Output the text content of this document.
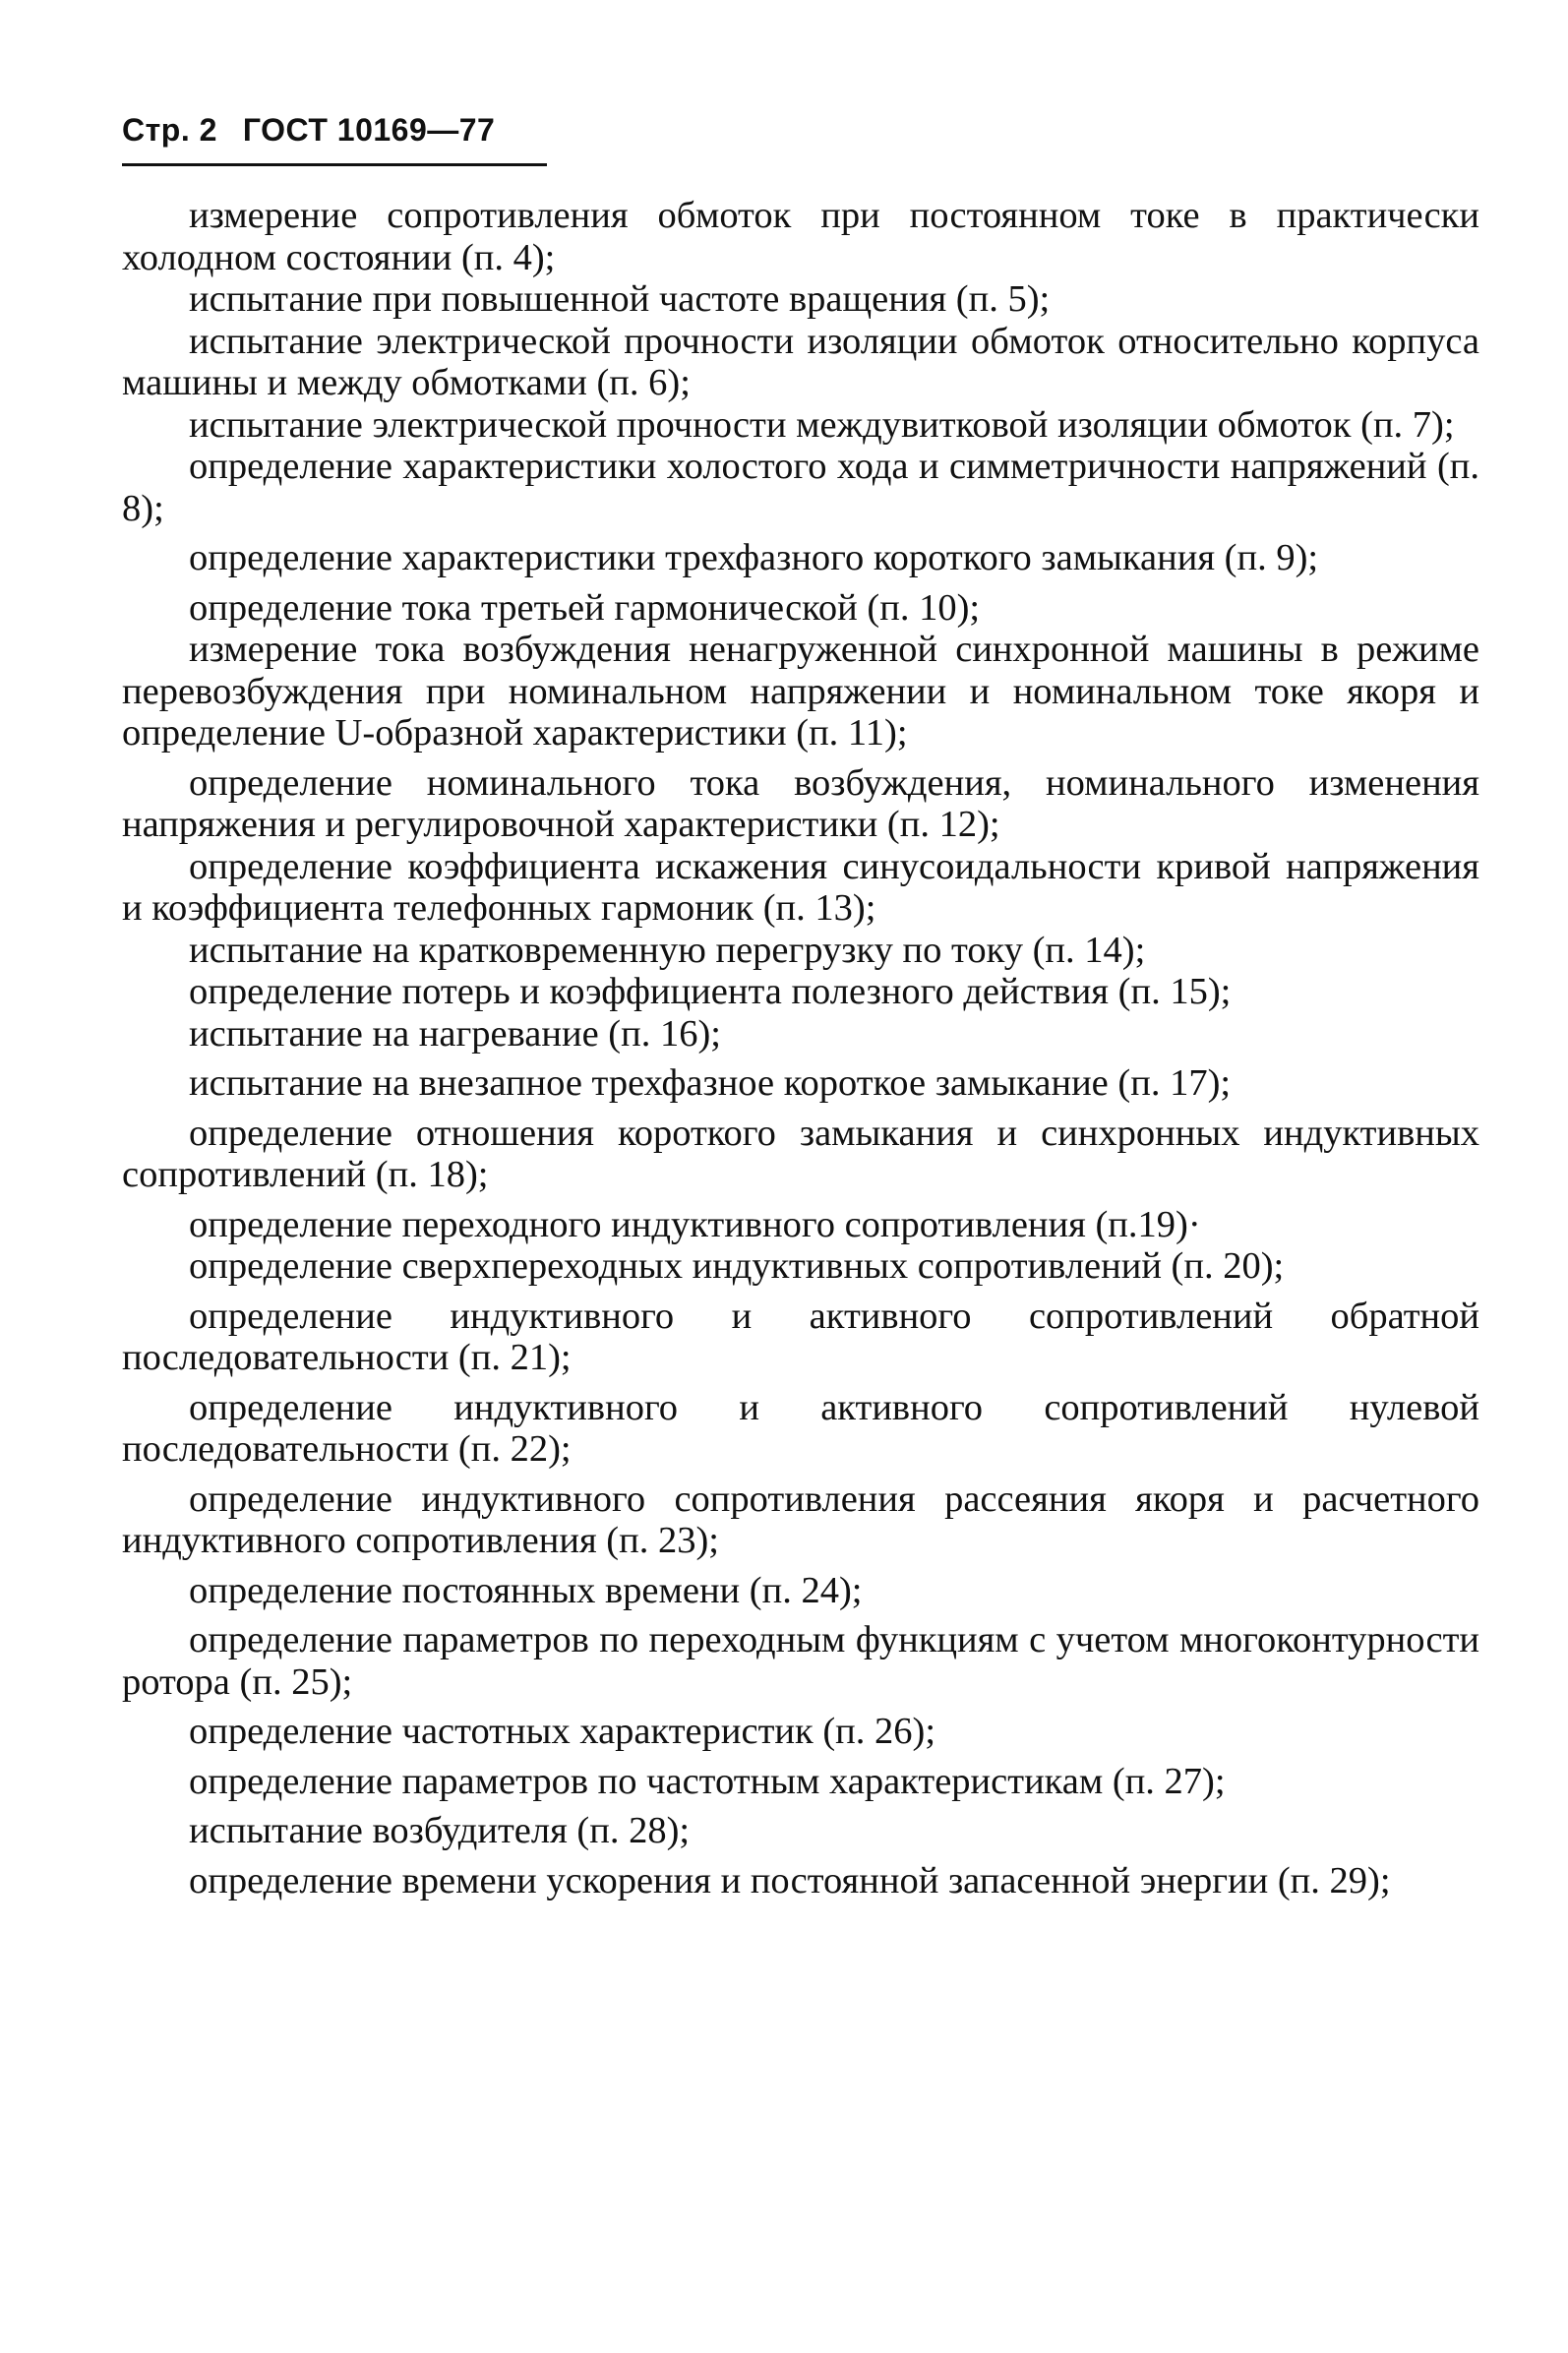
Стр. 2 ГОСТ 10169—77

измерение сопротивления обмоток при постоянном токе в практически холодном состоянии (п. 4);

испытание при повышенной частоте вращения (п. 5);

испытание электрической прочности изоляции обмоток относительно корпуса машины и между обмотками (п. 6);

испытание электрической прочности междувитковой изоляции обмоток (п. 7);

определение характеристики холостого хода и симметричности напряжений (п. 8);

определение характеристики трехфазного короткого замыкания (п. 9);

определение тока третьей гармонической (п. 10);

измерение тока возбуждения ненагруженной синхронной машины в режиме перевозбуждения при номинальном напряжении и номинальном токе якоря и определение U-образной характеристики (п. 11);

определение номинального тока возбуждения, номинального изменения напряжения и регулировочной характеристики (п. 12);

определение коэффициента искажения синусоидальности кривой напряжения и коэффициента телефонных гармоник (п. 13);

испытание на кратковременную перегрузку по току (п. 14);

определение потерь и коэффициента полезного действия (п. 15);

испытание на нагревание (п. 16);

испытание на внезапное трехфазное короткое замыкание (п. 17);

определение отношения короткого замыкания и синхронных индуктивных сопротивлений (п. 18);

определение переходного индуктивного сопротивления (п.19)·

определение сверхпереходных индуктивных сопротивлений (п. 20);

определение индуктивного и активного сопротивлений обратной последовательности (п. 21);

определение индуктивного и активного сопротивлений нулевой последовательности (п. 22);

определение индуктивного сопротивления рассеяния якоря и расчетного индуктивного сопротивления (п. 23);

определение постоянных времени (п. 24);

определение параметров по переходным функциям с учетом многоконтурности ротора (п. 25);

определение частотных характеристик (п. 26);

определение параметров по частотным характеристикам (п. 27);

испытание возбудителя (п. 28);

определение времени ускорения и постоянной запасенной энергии (п. 29);
